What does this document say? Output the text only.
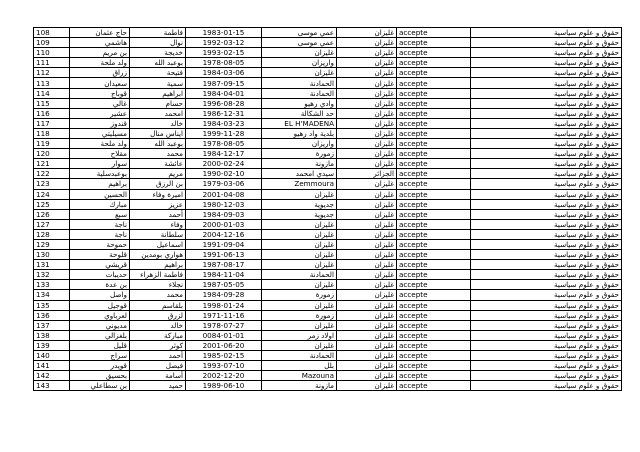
108	حاج عثمان	فاطمة	1983-01-15	عمي موسى	غليزان	accepte	حقوق و علوم سياسية
109	هاشمي	نوال	1992-03-12	عمي موسى	غليزان	accepte	حقوق و علوم سياسية
110	بن مريم	خديجة	1993-02-15	غليزان	غليزان	accepte	حقوق و علوم سياسية
111	ولد ملحة	بوعبد الله	1978-08-05	واريزان	غليزان	accepte	حقوق و علوم سياسية
112	زراق	فتيحة	1984-03-06	غليزان	غليزان	accepte	حقوق و علوم سياسية
113	سعيدان	سمية	1987-09-15	الحمادنة	غليزان	accepte	حقوق و علوم سياسية
114	قوباج	ابراهيم	1984-04-01	الحمادنة	غليزان	accepte	حقوق و علوم سياسية
115	غالي	حسام	1996-08-28	وادي رهيو	غليزان	accepte	حقوق و علوم سياسية
116	عشير	امحمد	1986-12-31	حد الشكالة	غليزان	accepte	حقوق و علوم سياسية
117	قندوز	خالد	1984-03-23	EL H'MADENA	غليزان	accepte	حقوق و علوم سياسية
118	مسيليتي	ايناس منال	1999-11-28	بلدية واد رهيو	غليزان	accepte	حقوق و علوم سياسية
119	ولد ملحة	بوعبد الله	1978-08-05	واريزان	غليزان	accepte	حقوق و علوم سياسية
120	مقلاح	محمد	1984-12-17	زمورة	غليزان	accepte	حقوق و علوم سياسية
121	سوار	عائشة	2000-02-24	مازونة	غليزان	accepte	حقوق و علوم سياسية
122	بوعبدسلية	مريم	1990-02-10	سيدي امحمد	الجزائر	accepte	حقوق و علوم سياسية
123	براهيم	بن الرزق	1979-03-06	Zemmoura	غليزان	accepte	حقوق و علوم سياسية
124	الحسين	اميرة وفاء	2001-04-08	غليزان	غليزان	accepte	حقوق و علوم سياسية
125	مبارك	عزيز	1980-12-03	جديوية	غليزان	accepte	حقوق و علوم سياسية
126	سبع	أحمد	1984-09-03	جديوية	غليزان	accepte	حقوق و علوم سياسية
127	ناجة	وفاء	2000-01-03	غليزان	غليزان	accepte	حقوق و علوم سياسية
128	ناجة	سلطانة	2004-12-16	غليزان	غليزان	accepte	حقوق و علوم سياسية
129	حموحة	اسماعيل	1991-09-04	غليزان	غليزان	accepte	حقوق و علوم سياسية
130	قلوحة	هواري بومدين	1991-06-13	غليزان	غليزان	accepte	حقوق و علوم سياسية
131	قريشي	براهيم	1987-08-17	غليزان	غليزان	accepte	حقوق و علوم سياسية
132	حديبات	فاطمة الزهراء	1984-11-04	الحمادنة	غليزان	accepte	حقوق و علوم سياسية
133	بن عدة	نجلاء	1987-05-05	غليزان	غليزان	accepte	حقوق و علوم سياسية
134	واصل	محمد	1984-09-28	زمورة	غليزان	accepte	حقوق و علوم سياسية
135	قوجيل	بلقاسم	1998-01-24	غليزان	غليزان	accepte	حقوق و علوم سياسية
136	لعرباوي	لزرق	1971-11-16	زمورة	غليزان	accepte	حقوق و علوم سياسية
137	مديوني	خالد	1978-07-27	غليزان	غليزان	accepte	حقوق و علوم سياسية
138	بلغزالي	مباركة	0084-01-01	اولاد زمر	غليزان	accepte	حقوق و علوم سياسية
139	قليل	كوثر	2001-06-20	غليزان	غليزان	accepte	حقوق و علوم سياسية
140	سراج	أحمد	1985-02-15	الحمادنة	غليزان	accepte	حقوق و علوم سياسية
141	قويدر	فيصل	1993-07-10	بلل	غليزان	accepte	حقوق و علوم سياسية
142	بحسيق	أسامة	2002-12-20	Mazouna	غليزان	accepte	حقوق و علوم سياسية
143	بن سطاعلي	حميد	1989-06-10	مازونة	غليزان	accepte	حقوق و علوم سياسية
